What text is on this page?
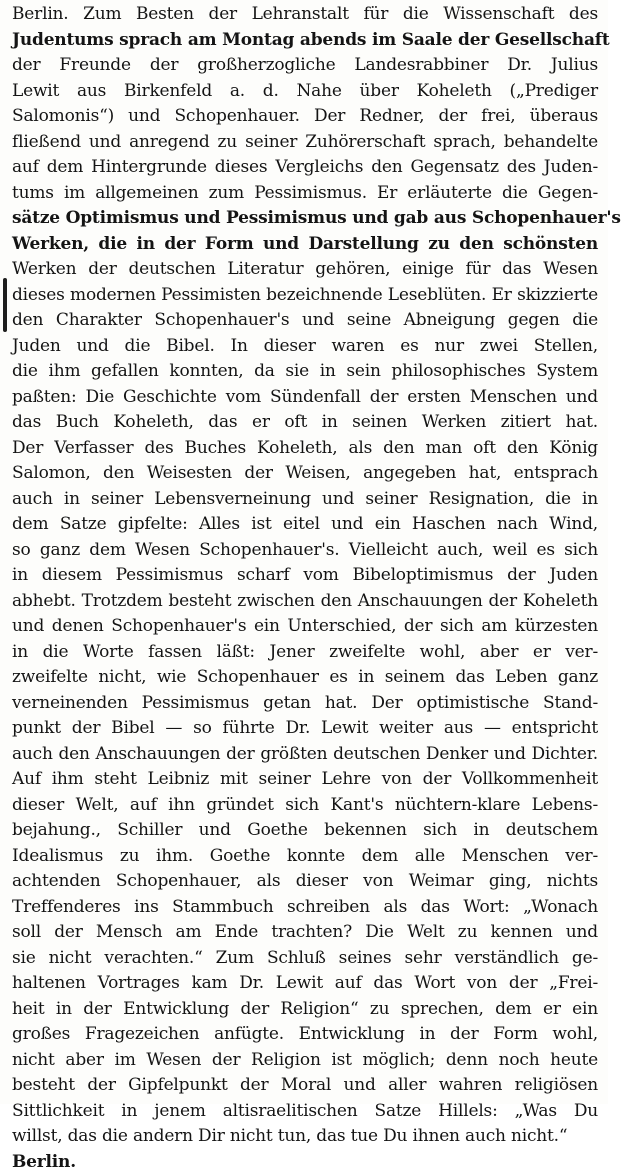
Berlin. Zum Besten der Lehranstalt für die Wissenschaft des
Judentums sprach am Montag abends im Saale der Gesellschaft
der Freunde der großherzogliche Landesrabbiner Dr. Julius
Lewit aus Birkenfeld a. d. Nahe über Koheleth („Prediger
Salomonis“) und Schopenhauer. Der Redner, der frei, überaus
fließend und anregend zu seiner Zuhörerschaft sprach, behandelte
auf dem Hintergrunde dieses Vergleichs den Gegensatz des Juden-
tums im allgemeinen zum Pessimismus. Er erläuterte die Gegen-
sätze Optimismus und Pessimismus und gab aus Schopenhauer's
Werken, die in der Form und Darstellung zu den schönsten
Werken der deutschen Literatur gehören, einige für das Wesen
dieses modernen Pessimisten bezeichnende Leseblüten. Er skizzierte
den Charakter Schopenhauer's und seine Abneigung gegen die
Juden und die Bibel. In dieser waren es nur zwei Stellen,
die ihm gefallen konnten, da sie in sein philosophisches System
paßten: Die Geschichte vom Sündenfall der ersten Menschen und
das Buch Koheleth, das er oft in seinen Werken zitiert hat.
Der Verfasser des Buches Koheleth, als den man oft den König
Salomon, den Weisesten der Weisen, angegeben hat, entsprach
auch in seiner Lebensverneinung und seiner Resignation, die in
dem Satze gipfelte: Alles ist eitel und ein Haschen nach Wind,
so ganz dem Wesen Schopenhauer's. Vielleicht auch, weil es sich
in diesem Pessimismus scharf vom Bibeloptimismus der Juden
abhebt. Trotzdem besteht zwischen den Anschauungen der Koheleth
und denen Schopenhauer's ein Unterschied, der sich am kürzesten
in die Worte fassen läßt: Jener zweifelte wohl, aber er ver-
zweifelte nicht, wie Schopenhauer es in seinem das Leben ganz
verneinenden Pessimismus getan hat. Der optimistische Stand-
punkt der Bibel — so führte Dr. Lewit weiter aus — entspricht
auch den Anschauungen der größten deutschen Denker und Dichter.
Auf ihm steht Leibniz mit seiner Lehre von der Vollkommenheit
dieser Welt, auf ihn gründet sich Kant's nüchtern-klare Lebens-
bejahung., Schiller und Goethe bekennen sich in deutschem
Idealismus zu ihm. Goethe konnte dem alle Menschen ver-
achtenden Schopenhauer, als dieser von Weimar ging, nichts
Treffenderes ins Stammbuch schreiben als das Wort: „Wonach
soll der Mensch am Ende trachten? Die Welt zu kennen und
sie nicht verachten.“ Zum Schluß seines sehr verständlich ge-
haltenen Vortrages kam Dr. Lewit auf das Wort von der „Frei-
heit in der Entwicklung der Religion“ zu sprechen, dem er ein
großes Fragezeichen anfügte. Entwicklung in der Form wohl,
nicht aber im Wesen der Religion ist möglich; denn noch heute
besteht der Gipfelpunkt der Moral und aller wahren religiösen
Sittlichkeit in jenem altisraelitischen Satze Hillels: „Was Du
willst, das die andern Dir nicht tun, das tue Du ihnen auch nicht.“
Berlin.
